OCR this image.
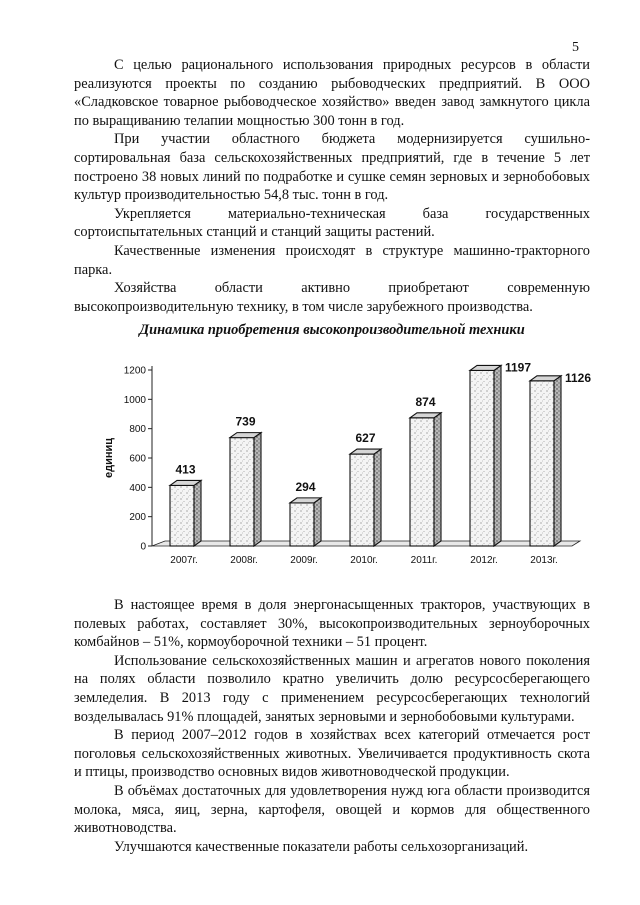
5

С целью рационального использования природных ресурсов в области реализуются проекты по созданию рыбоводческих предприятий. В ООО «Сладковское товарное рыбоводческое хозяйство» введен завод замкнутого цикла по выращиванию телапии мощностью 300 тонн в год.

При участии областного бюджета модернизируется сушильно-сортировальная база сельскохозяйственных предприятий, где в течение 5 лет построено 38 новых линий по подработке и сушке семян зерновых и зернобобовых культур производительностью 54,8 тыс. тонн в год.

Укрепляется материально-техническая база государственных сортоиспытательных станций и станций защиты растений.

Качественные изменения происходят в структуре машинно-тракторного парка.

Хозяйства области активно приобретают современную высокопроизводительную технику, в том числе зарубежного производства.

Динамика приобретения высокопроизводительной техники
0
200
400
600
800
1000
1200
единиц	413
2007г.
739
2008г.
294
2009г.
627
2010г.
874
2011г.
1197
2012г.
1126
2013г.

В настоящее время в доля энергонасыщенных тракторов, участвующих в полевых работах, составляет 30%, высокопроизводительных зерноуборочных комбайнов – 51%, кормоуборочной техники – 51 процент.

Использование сельскохозяйственных машин и агрегатов нового поколения на полях области позволило кратно увеличить долю ресурсосберегающего земледелия. В 2013 году с применением ресурсосберегающих технологий возделывалась 91% площадей, занятых зерновыми и зернобобовыми культурами.

В период 2007–2012 годов в хозяйствах всех категорий отмечается рост поголовья сельскохозяйственных животных. Увеличивается продуктивность скота и птицы, производство основных видов животноводческой продукции.

В объёмах достаточных для удовлетворения нужд юга области производится молока, мяса, яиц, зерна, картофеля, овощей и кормов для общественного животноводства.

Улучшаются качественные показатели работы сельхозорганизаций.
